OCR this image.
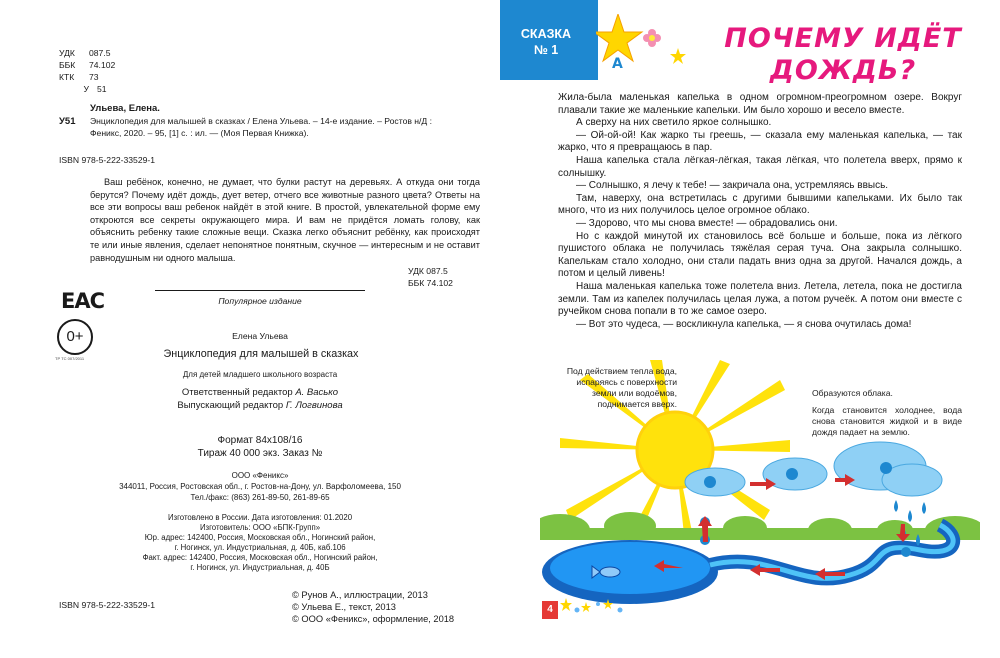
УДК 087.5
ББК 74.102
КТК 73
У 51
Ульева, Елена.
У51 Энциклопедия для малышей в сказках / Елена Ульева. – 14-е издание. – Ростов н/Д :
Феникс, 2020. – 95, [1] с. : ил. — (Моя Первая Книжка).
ISBN 978-5-222-33529-1
Ваш ребёнок, конечно, не думает, что булки растут на деревьях. А откуда они тогда берутся? Почему идёт дождь, дует ветер, отчего все животные разного цвета? Ответы на все эти вопросы ваш ребенок найдёт в этой книге. В простой, увлекательной форме ему откроются все секреты окружающего мира. И вам не придётся ломать голову, как объяснить ребенку такие сложные вещи. Сказка легко объяснит ребёнку, как происходят те или иные явления, сделает непонятное понятным, скучное — интересным и не оставит равнодушным ни одного малыша.
УДК 087.5
ББК 74.102
ЕАС
0+
ТР ТС 007/2011
Популярное издание
Елена Ульева
Энциклопедия для малышей в сказках
Для детей младшего школьного возраста
Ответственный редактор А. Васько
Выпускающий редактор Г. Логвинова
Формат 84x108/16
Тираж 40 000 экз. Заказ №
ООО «Феникс»
344011, Россия, Ростовская обл., г. Ростов-на-Дону, ул. Варфоломеева, 150
Тел./факс: (863) 261-89-50, 261-89-65
Изготовлено в России. Дата изготовления: 01.2020
Изготовитель: ООО «БПК-Групп»
Юр. адрес: 142400, Россия, Московская обл., Ногинский район,
г. Ногинск, ул. Индустриальная, д. 40Б, каб.106
Факт. адрес: 142400, Россия, Московская обл., Ногинский район,
г. Ногинск, ул. Индустриальная, д. 40Б
ISBN 978-5-222-33529-1
© Рунов А., иллюстрации, 2013
© Ульева Е., текст, 2013
© ООО «Феникс», оформление, 2018
СКАЗКА
№ 1
A
ПОЧЕМУ ИДЁТ
ДОЖДЬ?

Жила-была маленькая капелька в одном огромном-преогромном озере. Вокруг плавали такие же маленькие капельки. Им было хорошо и весело вместе.

А сверху на них светило яркое солнышко.

— Ой-ой-ой! Как жарко ты греешь, — сказала ему маленькая капелька, — так жарко, что я превращаюсь в пар.

Наша капелька стала лёгкая-лёгкая, такая лёгкая, что полетела вверх, прямо к солнышку.

— Солнышко, я лечу к тебе! — закричала она, устремляясь ввысь.

Там, наверху, она встретилась с другими бывшими капельками. Их было так много, что из них получилось целое огромное облако.

— Здорово, что мы снова вместе! — обрадовались они.

Но с каждой минутой их становилось всё больше и больше, пока из лёгкого пушистого облака не получилась тяжёлая серая туча. Она закрыла солнышко. Капелькам стало холодно, они стали падать вниз одна за другой. Начался дождь, а потом и целый ливень!

Наша маленькая капелька тоже полетела вниз. Летела, летела, пока не достигла земли. Там из капелек получилась целая лужа, а потом ручеёк. А потом они вместе с ручейком снова попали в то же самое озеро.

— Вот это чудеса, — воскликнула капелька, — я снова очутилась дома!

Под действием тепла вода, испаряясь с поверхности земли или водоёмов, поднимается вверх.
Образуются облака.
Когда становится холоднее, вода снова становится жидкой и в виде дождя падает на землю.
4
